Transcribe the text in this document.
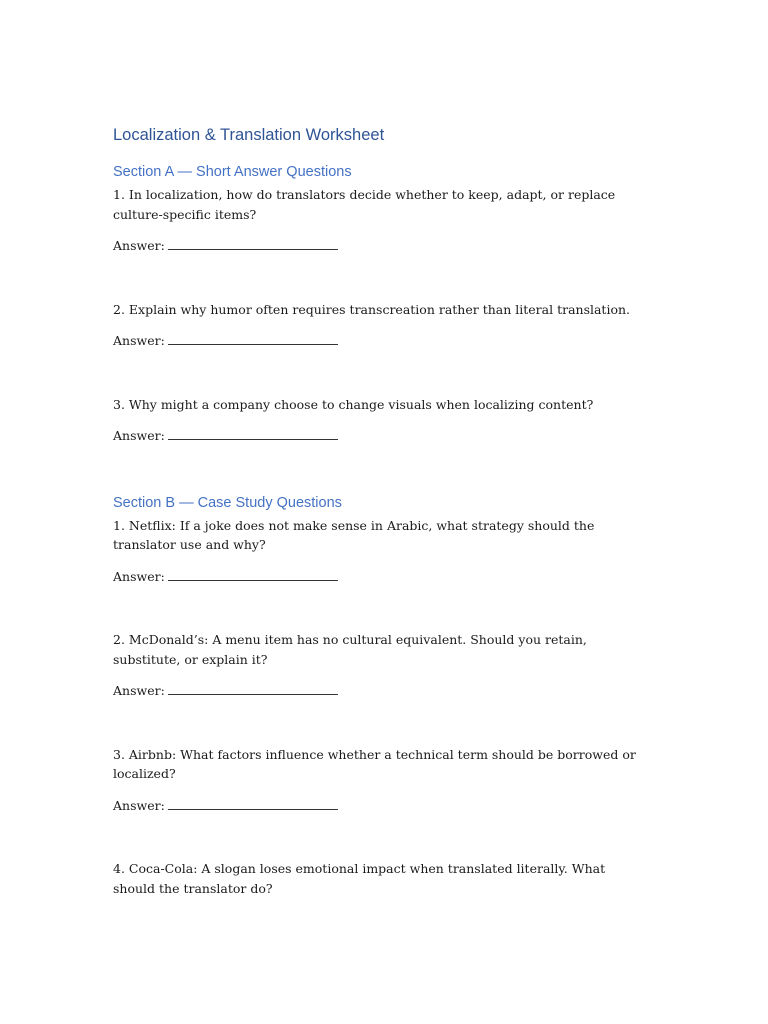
Localization & Translation Worksheet
Section A — Short Answer Questions

1. In localization, how do translators decide whether to keep, adapt, or replace culture-specific items?

Answer:

2. Explain why humor often requires transcreation rather than literal translation.

Answer:

3. Why might a company choose to change visuals when localizing content?

Answer:

Section B — Case Study Questions

1. Netflix: If a joke does not make sense in Arabic, what strategy should the translator use and why?

Answer:

2. McDonald’s: A menu item has no cultural equivalent. Should you retain, substitute, or explain it?

Answer:

3. Airbnb: What factors influence whether a technical term should be borrowed or localized?

Answer:

4. Coca-Cola: A slogan loses emotional impact when translated literally. What should the translator do?
